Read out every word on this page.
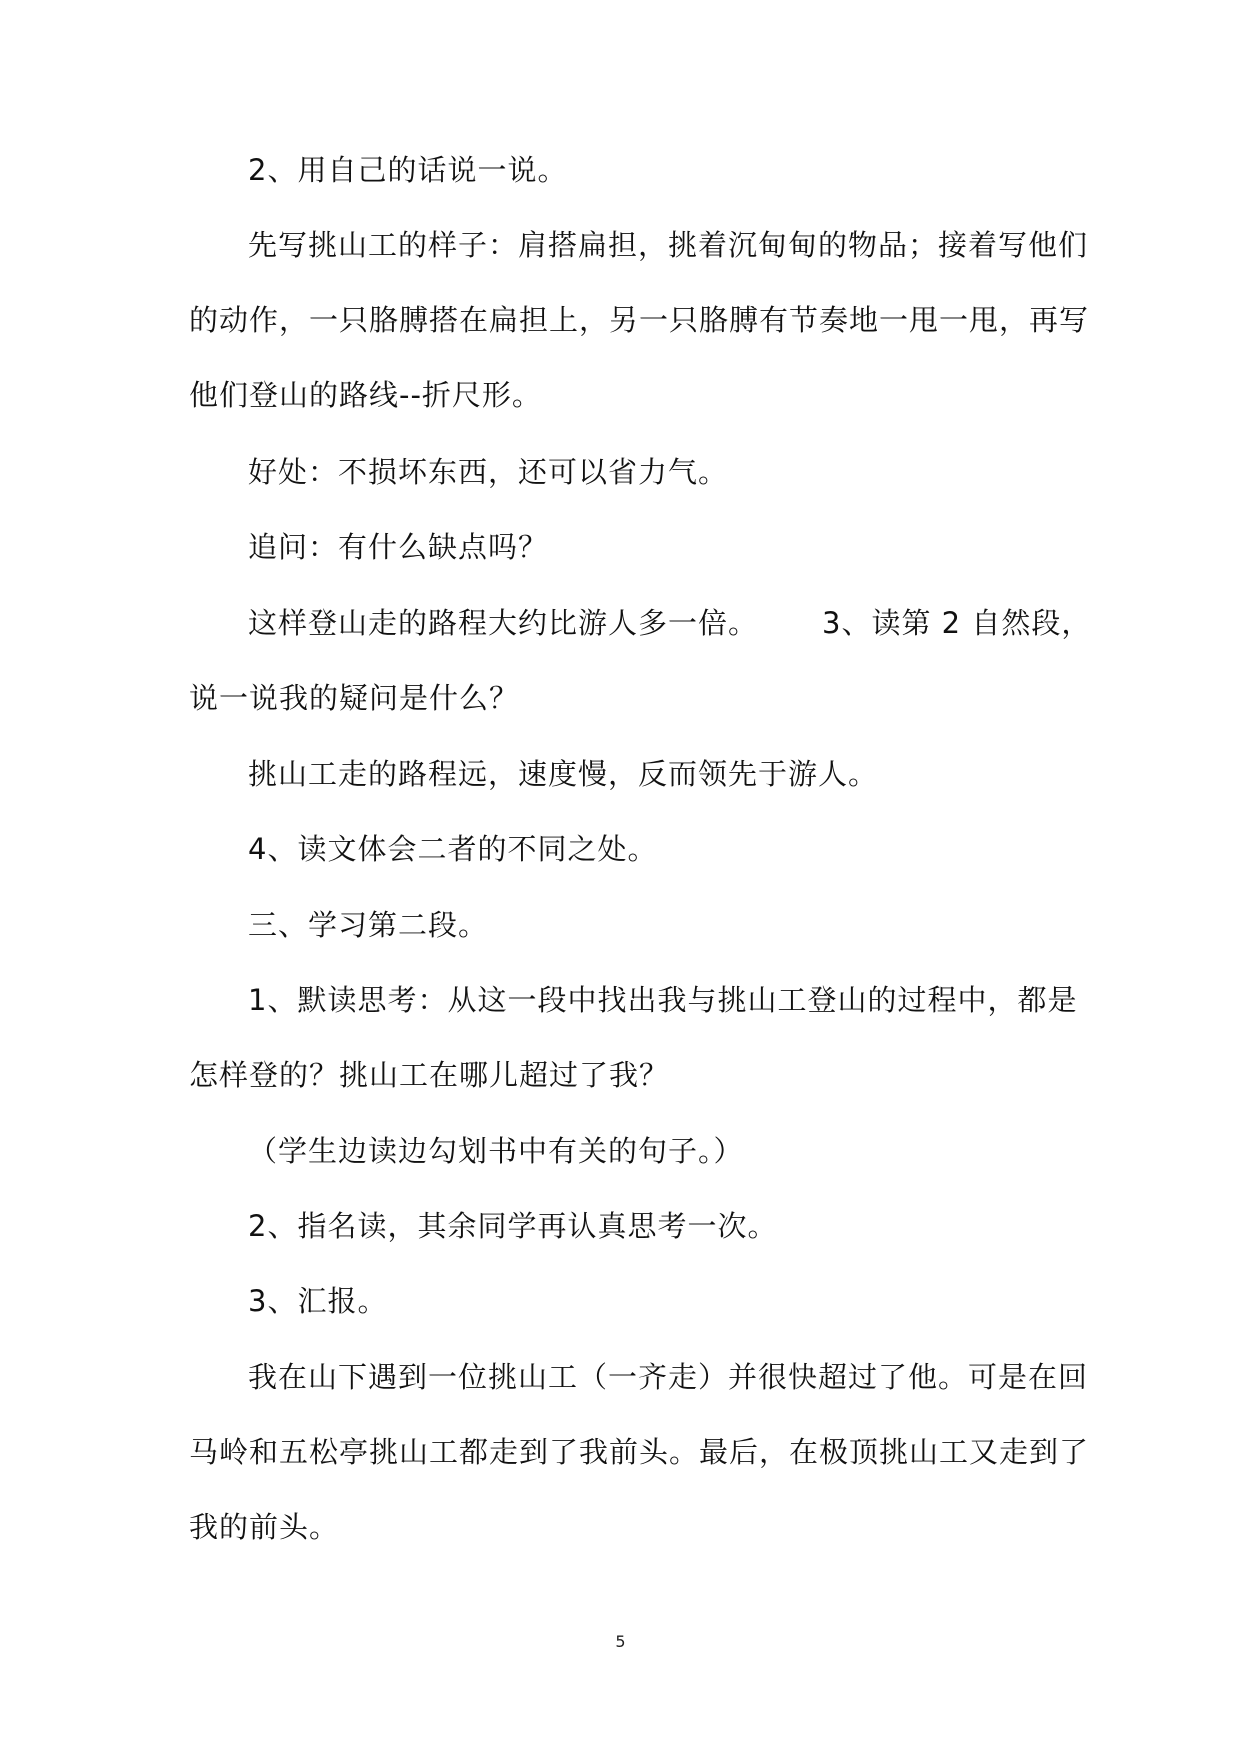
2、用自己的话说一说。
先写挑山工的样子：肩搭扁担，挑着沉甸甸的物品；接着写他们
的动作，一只胳膊搭在扁担上，另一只胳膊有节奏地一甩一甩，再写
他们登山的路线--折尺形。
好处：不损坏东西，还可以省力气。
追问：有什么缺点吗？
这样登山走的路程大约比游人多一倍。 3、读第 2 自然段，
说一说我的疑问是什么？
挑山工走的路程远，速度慢，反而领先于游人。
4、读文体会二者的不同之处。
三、学习第二段。
1、默读思考：从这一段中找出我与挑山工登山的过程中，都是
怎样登的？挑山工在哪儿超过了我？
（学生边读边勾划书中有关的句子。）
2、指名读，其余同学再认真思考一次。
3、汇报。
我在山下遇到一位挑山工（一齐走）并很快超过了他。可是在回
马岭和五松亭挑山工都走到了我前头。最后，在极顶挑山工又走到了
我的前头。
5
